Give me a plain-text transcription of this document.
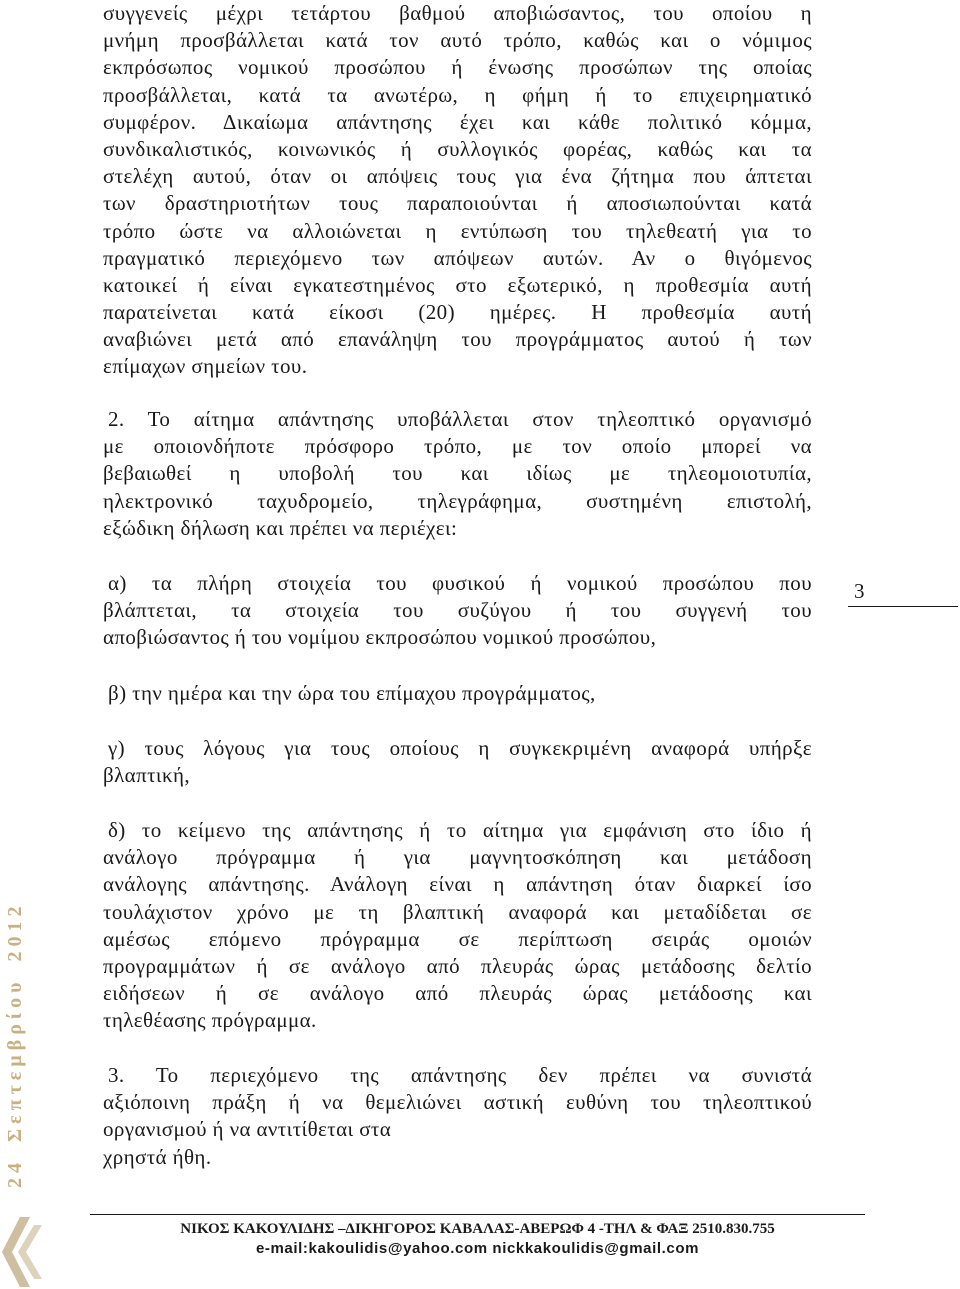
συγγενείς μέχρι τετάρτου βαθμού αποβιώσαντος, του οποίου η
μνήμη προσβάλλεται κατά τον αυτό τρόπο, καθώς και ο νόμιμος
εκπρόσωπος νομικού προσώπου ή ένωσης προσώπων της οποίας
προσβάλλεται, κατά τα ανωτέρω, η φήμη ή το επιχειρηματικό
συμφέρον. Δικαίωμα απάντησης έχει και κάθε πολιτικό κόμμα,
συνδικαλιστικός, κοινωνικός ή συλλογικός φορέας, καθώς και τα
στελέχη αυτού, όταν οι απόψεις τους για ένα ζήτημα που άπτεται
των δραστηριοτήτων τους παραποιούνται ή αποσιωπούνται κατά
τρόπο ώστε να αλλοιώνεται η εντύπωση του τηλεθεατή για το
πραγματικό περιεχόμενο των απόψεων αυτών. Αν ο θιγόμενος
κατοικεί ή είναι εγκατεστημένος στο εξωτερικό, η προθεσμία αυτή
παρατείνεται κατά είκοσι (20) ημέρες. Η προθεσμία αυτή
αναβιώνει μετά από επανάληψη του προγράμματος αυτού ή των
επίμαχων σημείων του.
2. Το αίτημα απάντησης υποβάλλεται στον τηλεοπτικό οργανισμό
με οποιονδήποτε πρόσφορο τρόπο, με τον οποίο μπορεί να
βεβαιωθεί η υποβολή του και ιδίως με τηλεομοιοτυπία,
ηλεκτρονικό ταχυδρομείο, τηλεγράφημα, συστημένη επιστολή,
εξώδικη δήλωση και πρέπει να περιέχει:
α) τα πλήρη στοιχεία του φυσικού ή νομικού προσώπου που
βλάπτεται, τα στοιχεία του συζύγου ή του συγγενή του
αποβιώσαντος ή του νομίμου εκπροσώπου νομικού προσώπου,
β) την ημέρα και την ώρα του επίμαχου προγράμματος,
γ) τους λόγους για τους οποίους η συγκεκριμένη αναφορά υπήρξε
βλαπτική,
δ) το κείμενο της απάντησης ή το αίτημα για εμφάνιση στο ίδιο ή
ανάλογο πρόγραμμα ή για μαγνητοσκόπηση και μετάδοση
ανάλογης απάντησης. Ανάλογη είναι η απάντηση όταν διαρκεί ίσο
τουλάχιστον χρόνο με τη βλαπτική αναφορά και μεταδίδεται σε
αμέσως επόμενο πρόγραμμα σε περίπτωση σειράς ομοιών
προγραμμάτων ή σε ανάλογο από πλευράς ώρας μετάδοσης δελτίο
ειδήσεων ή σε ανάλογο από πλευράς ώρας μετάδοσης και
τηλεθέασης πρόγραμμα.
3. Το περιεχόμενο της απάντησης δεν πρέπει να συνιστά
αξιόποινη πράξη ή να θεμελιώνει αστική ευθύνη του τηλεοπτικού
οργανισμού ή να αντιτίθεται στα
χρηστά ήθη.
3
24 Σεπτεμβρίου 2012
ΝΙΚΟΣ ΚΑΚΟΥΛΙΔΗΣ –ΔΙΚΗΓΟΡΟΣ ΚΑΒΑΛΑΣ-ΑΒΕΡΩΦ 4 -ΤΗΛ & ΦΑΞ 2510.830.755
e-mail:kakoulidis@yahoo.com nickkakoulidis@gmail.com
